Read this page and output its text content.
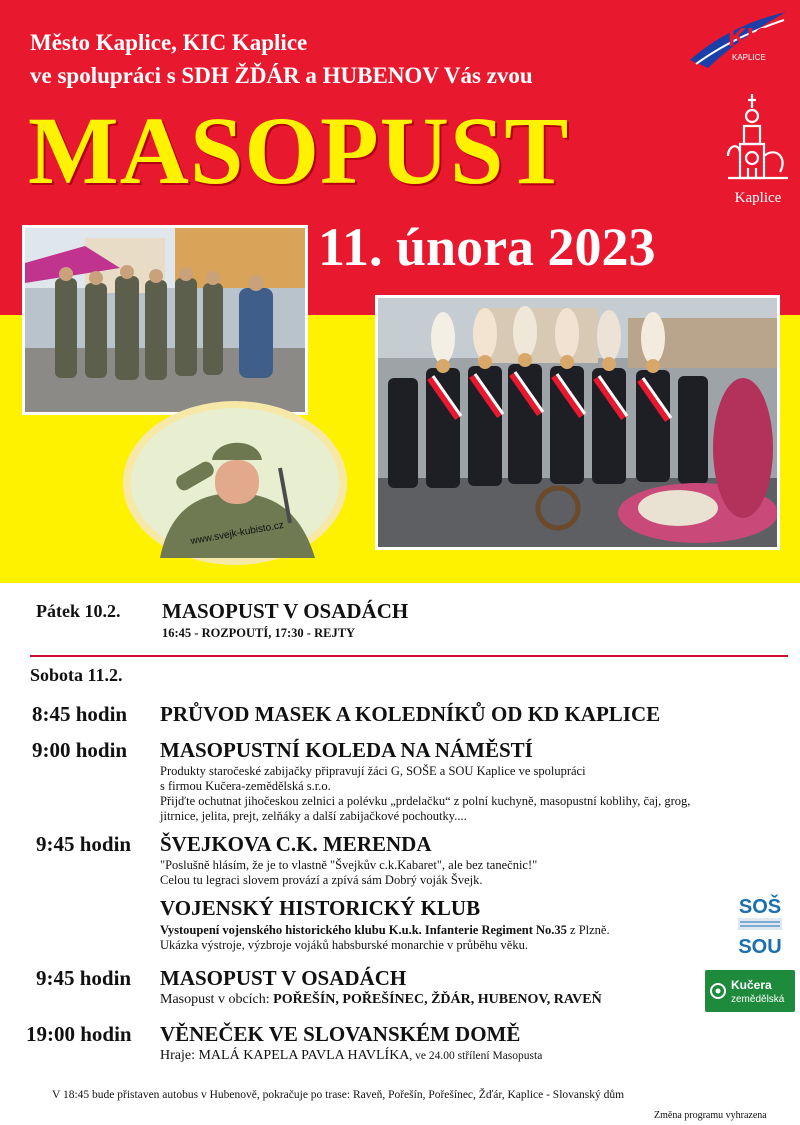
Město Kaplice, KIC Kaplice
ve spolupráci s SDH ŽĎÁR a HUBENOV Vás zvou
MASOPUST
11. února 2023
KIC
KAPLICE
Kaplice
www.svejk-kubisto.cz
Pátek 10.2. MASOPUST V OSADÁCH
16:45 - ROZPOUTÍ, 17:30 - REJTY
Sobota 11.2.
8:45 hodin PRŮVOD MASEK A KOLEDNÍKŮ OD KD KAPLICE
9:00 hodin MASOPUSTNÍ KOLEDA NA NÁMĚSTÍ
Produkty staročeské zabijačky připravují žáci G, SOŠE a SOU Kaplice ve spolupráci
s firmou Kučera-zemědělská s.r.o.
Přijďte ochutnat jihočeskou zelnici a polévku „prdelačku“ z polní kuchyně, masopustní koblihy, čaj, grog,
jitrnice, jelita, prejt, zelňáky a další zabijačkové pochoutky....
9:45 hodin ŠVEJKOVA C.K. MERENDA
"Poslušně hlásím, že je to vlastně "Švejkův c.k.Kabaret", ale bez tanečnic!"
Celou tu legraci slovem provází a zpívá sám Dobrý voják Švejk.
VOJENSKÝ HISTORICKÝ KLUB
Vystoupení vojenského historického klubu K.u.k. Infanterie Regiment No.35 z Plzně.
Ukázka výstroje, výzbroje vojáků habsburské monarchie v průběhu věku.
9:45 hodin MASOPUST V OSADÁCH
Masopust v obcích: POŘEŠÍN, POŘEŠÍNEC, ŽĎÁR, HUBENOV, RAVEŇ
19:00 hodin VĚNEČEK VE SLOVANSKÉM DOMĚ
Hraje: MALÁ KAPELA PAVLA HAVLÍKA, ve 24.00 střílení Masopusta
V 18:45 bude přistaven autobus v Hubenově, pokračuje po trase: Raveň, Pořešín, Pořešínec, Žďár, Kaplice - Slovanský dům
Změna programu vyhrazena
SOŠ
SOU
Kučera
zemědělská
